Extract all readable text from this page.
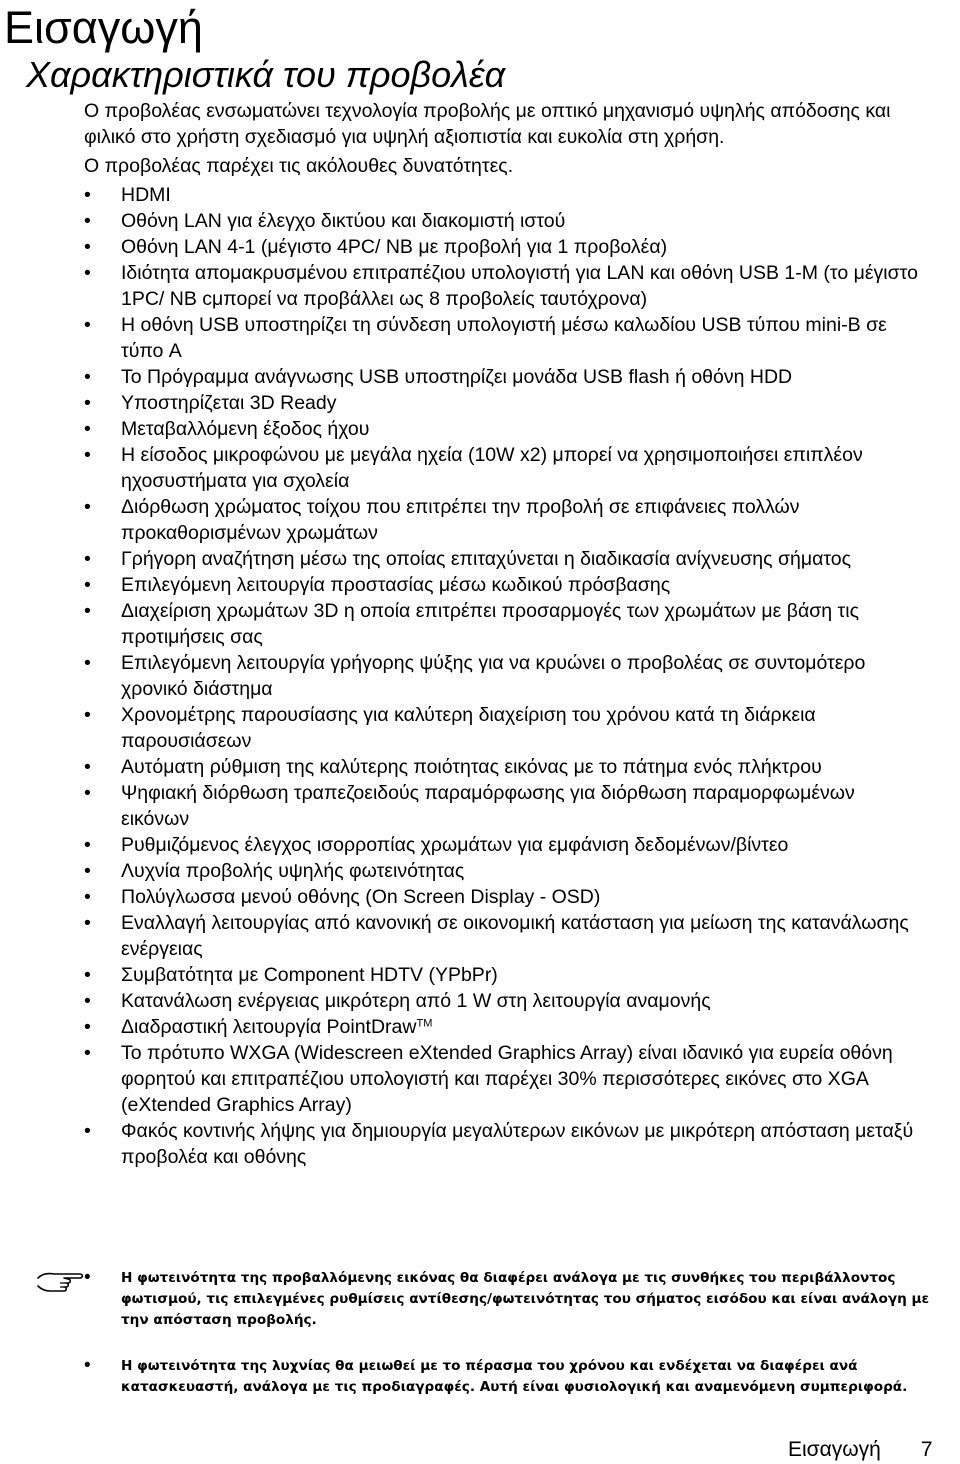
Εισαγωγή
Χαρακτηριστικά του προβολέα

Ο προβολέας ενσωματώνει τεχνολογία προβολής με οπτικό μηχανισμό υψηλής απόδοσης και φιλικό στο χρήστη σχεδιασμό για υψηλή αξιοπιστία και ευκολία στη χρήση.

Ο προβολέας παρέχει τις ακόλουθες δυνατότητες.

• HDMI
• Οθόνη LAN για έλεγχο δικτύου και διακομιστή ιστού
• Οθόνη LAN 4-1 (μέγιστο 4PC/ NB με προβολή για 1 προβολέα)
• Ιδιότητα απομακρυσμένου επιτραπέζιου υπολογιστή για LAN και οθόνη USB 1-M (το μέγιστο 1PC/ NB cμπορεί να προβάλλει ως 8 προβολείς ταυτόχρονα)
• Η οθόνη USB υποστηρίζει τη σύνδεση υπολογιστή μέσω καλωδίου USB τύπου mini-B σε τύπο A
• Το Πρόγραμμα ανάγνωσης USB υποστηρίζει μονάδα USB flash ή οθόνη HDD
• Υποστηρίζεται 3D Ready
• Μεταβαλλόμενη έξοδος ήχου
• Η είσοδος μικροφώνου με μεγάλα ηχεία (10W x2) μπορεί να χρησιμοποιήσει επιπλέον ηχοσυστήματα για σχολεία
• Διόρθωση χρώματος τοίχου που επιτρέπει την προβολή σε επιφάνειες πολλών προκαθορισμένων χρωμάτων
• Γρήγορη αναζήτηση μέσω της οποίας επιταχύνεται η διαδικασία ανίχνευσης σήματος
• Επιλεγόμενη λειτουργία προστασίας μέσω κωδικού πρόσβασης
• Διαχείριση χρωμάτων 3D η οποία επιτρέπει προσαρμογές των χρωμάτων με βάση τις προτιμήσεις σας
• Επιλεγόμενη λειτουργία γρήγορης ψύξης για να κρυώνει ο προβολέας σε συντομότερο χρονικό διάστημα
• Χρονομέτρης παρουσίασης για καλύτερη διαχείριση του χρόνου κατά τη διάρκεια παρουσιάσεων
• Αυτόματη ρύθμιση της καλύτερης ποιότητας εικόνας με το πάτημα ενός πλήκτρου
• Ψηφιακή διόρθωση τραπεζοειδούς παραμόρφωσης για διόρθωση παραμορφωμένων εικόνων
• Ρυθμιζόμενος έλεγχος ισορροπίας χρωμάτων για εμφάνιση δεδομένων/βίντεο
• Λυχνία προβολής υψηλής φωτεινότητας
• Πολύγλωσσα μενού οθόνης (On Screen Display - OSD)
• Εναλλαγή λειτουργίας από κανονική σε οικονομική κατάσταση για μείωση της κατανάλωσης ενέργειας
• Συμβατότητα με Component HDTV (YPbPr)
• Κατανάλωση ενέργειας μικρότερη από 1 W στη λειτουργία αναμονής
• Διαδραστική λειτουργία PointDraw™
• Το πρότυπο WXGA (Widescreen eXtended Graphics Array) είναι ιδανικό για ευρεία οθόνη φορητού και επιτραπέζιου υπολογιστή και παρέχει 30% περισσότερες εικόνες στο XGA (eXtended Graphics Array)
• Φακός κοντινής λήψης για δημιουργία μεγαλύτερων εικόνων με μικρότερη απόσταση μεταξύ προβολέα και οθόνης
•	Η φωτεινότητα της προβαλλόμενης εικόνας θα διαφέρει ανάλογα με τις συνθήκες του περιβάλλοντος φωτισμού, τις επιλεγμένες ρυθμίσεις αντίθεσης/φωτεινότητας του σήματος εισόδου και είναι ανάλογη με την απόσταση προβολής.
•	Η φωτεινότητα της λυχνίας θα μειωθεί με το πέρασμα του χρόνου και ενδέχεται να διαφέρει ανά κατασκευαστή, ανάλογα με τις προδιαγραφές. Αυτή είναι φυσιολογική και αναμενόμενη συμπεριφορά.
Εισαγωγή 7
